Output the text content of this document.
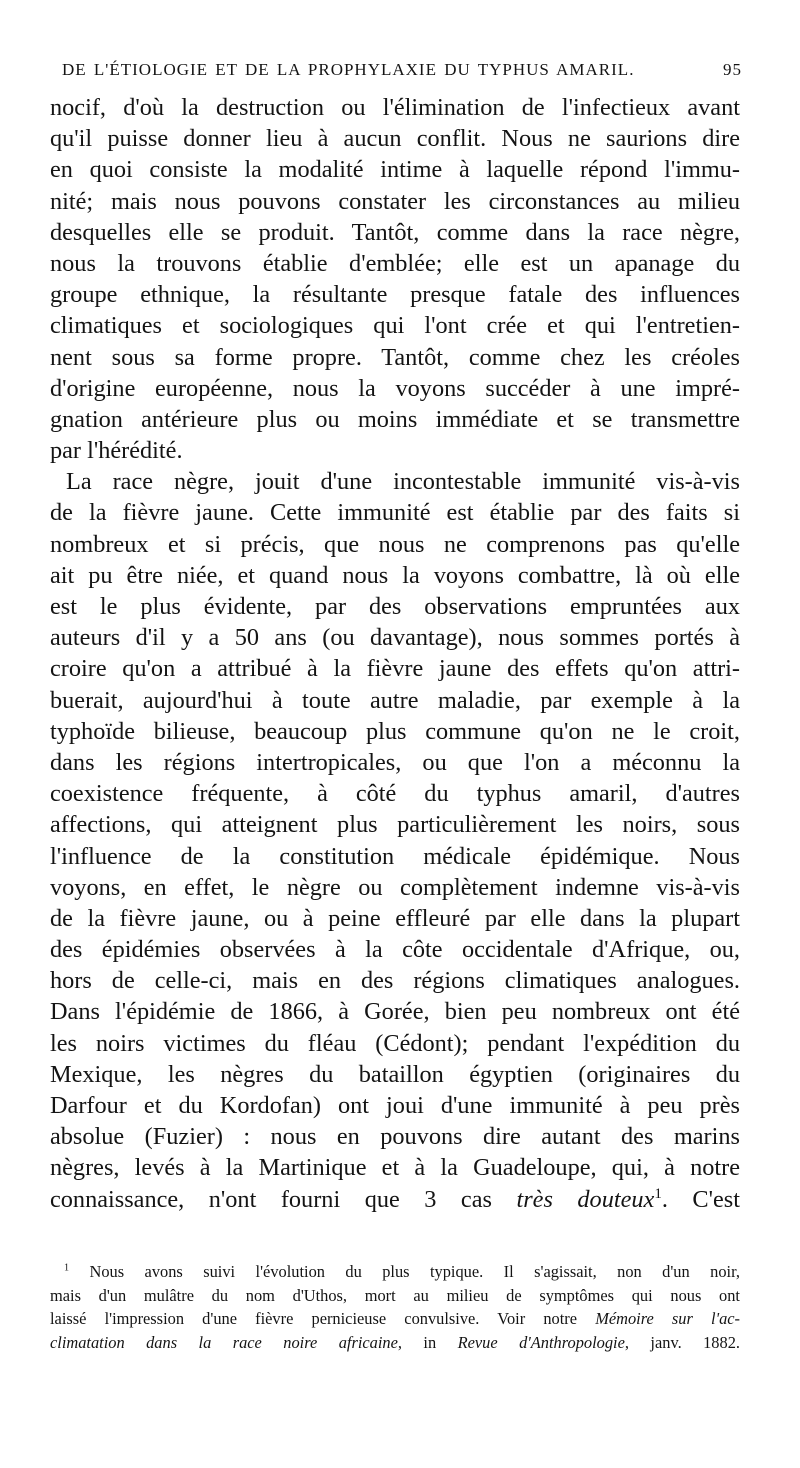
DE L'ÉTIOLOGIE ET DE LA PROPHYLAXIE DU TYPHUS AMARIL.	95
nocif, d'où la destruction ou l'élimination de l'infectieux avant
qu'il puisse donner lieu à aucun conflit. Nous ne saurions dire
en quoi consiste la modalité intime à laquelle répond l'immu-
nité; mais nous pouvons constater les circonstances au milieu
desquelles elle se produit. Tantôt, comme dans la race nègre,
nous la trouvons établie d'emblée; elle est un apanage du
groupe ethnique, la résultante presque fatale des influences
climatiques et sociologiques qui l'ont crée et qui l'entretien-
nent sous sa forme propre. Tantôt, comme chez les créoles
d'origine européenne, nous la voyons succéder à une impré-
gnation antérieure plus ou moins immédiate et se transmettre
par l'hérédité.
La race nègre, jouit d'une incontestable immunité vis-à-vis
de la fièvre jaune. Cette immunité est établie par des faits si
nombreux et si précis, que nous ne comprenons pas qu'elle
ait pu être niée, et quand nous la voyons combattre, là où elle
est le plus évidente, par des observations empruntées aux
auteurs d'il y a 50 ans (ou davantage), nous sommes portés à
croire qu'on a attribué à la fièvre jaune des effets qu'on attri-
buerait, aujourd'hui à toute autre maladie, par exemple à la
typhoïde bilieuse, beaucoup plus commune qu'on ne le croit,
dans les régions intertropicales, ou que l'on a méconnu la
coexistence fréquente, à côté du typhus amaril, d'autres
affections, qui atteignent plus particulièrement les noirs, sous
l'influence de la constitution médicale épidémique. Nous
voyons, en effet, le nègre ou complètement indemne vis-à-vis
de la fièvre jaune, ou à peine effleuré par elle dans la plupart
des épidémies observées à la côte occidentale d'Afrique, ou,
hors de celle-ci, mais en des régions climatiques analogues.
Dans l'épidémie de 1866, à Gorée, bien peu nombreux ont été
les noirs victimes du fléau (Cédont); pendant l'expédition du
Mexique, les nègres du bataillon égyptien (originaires du
Darfour et du Kordofan) ont joui d'une immunité à peu près
absolue (Fuzier) : nous en pouvons dire autant des marins
nègres, levés à la Martinique et à la Guadeloupe, qui, à notre
connaissance, n'ont fourni que 3 cas très douteux$^1$. C'est
$^1$ Nous avons suivi l'évolution du plus typique. Il s'agissait, non d'un noir,
mais d'un mulâtre du nom d'Uthos, mort au milieu de symptômes qui nous ont
laissé l'impression d'une fièvre pernicieuse convulsive. Voir notre Mémoire sur l'ac-
climatation dans la race noire africaine, in Revue d'Anthropologie, janv. 1882.
